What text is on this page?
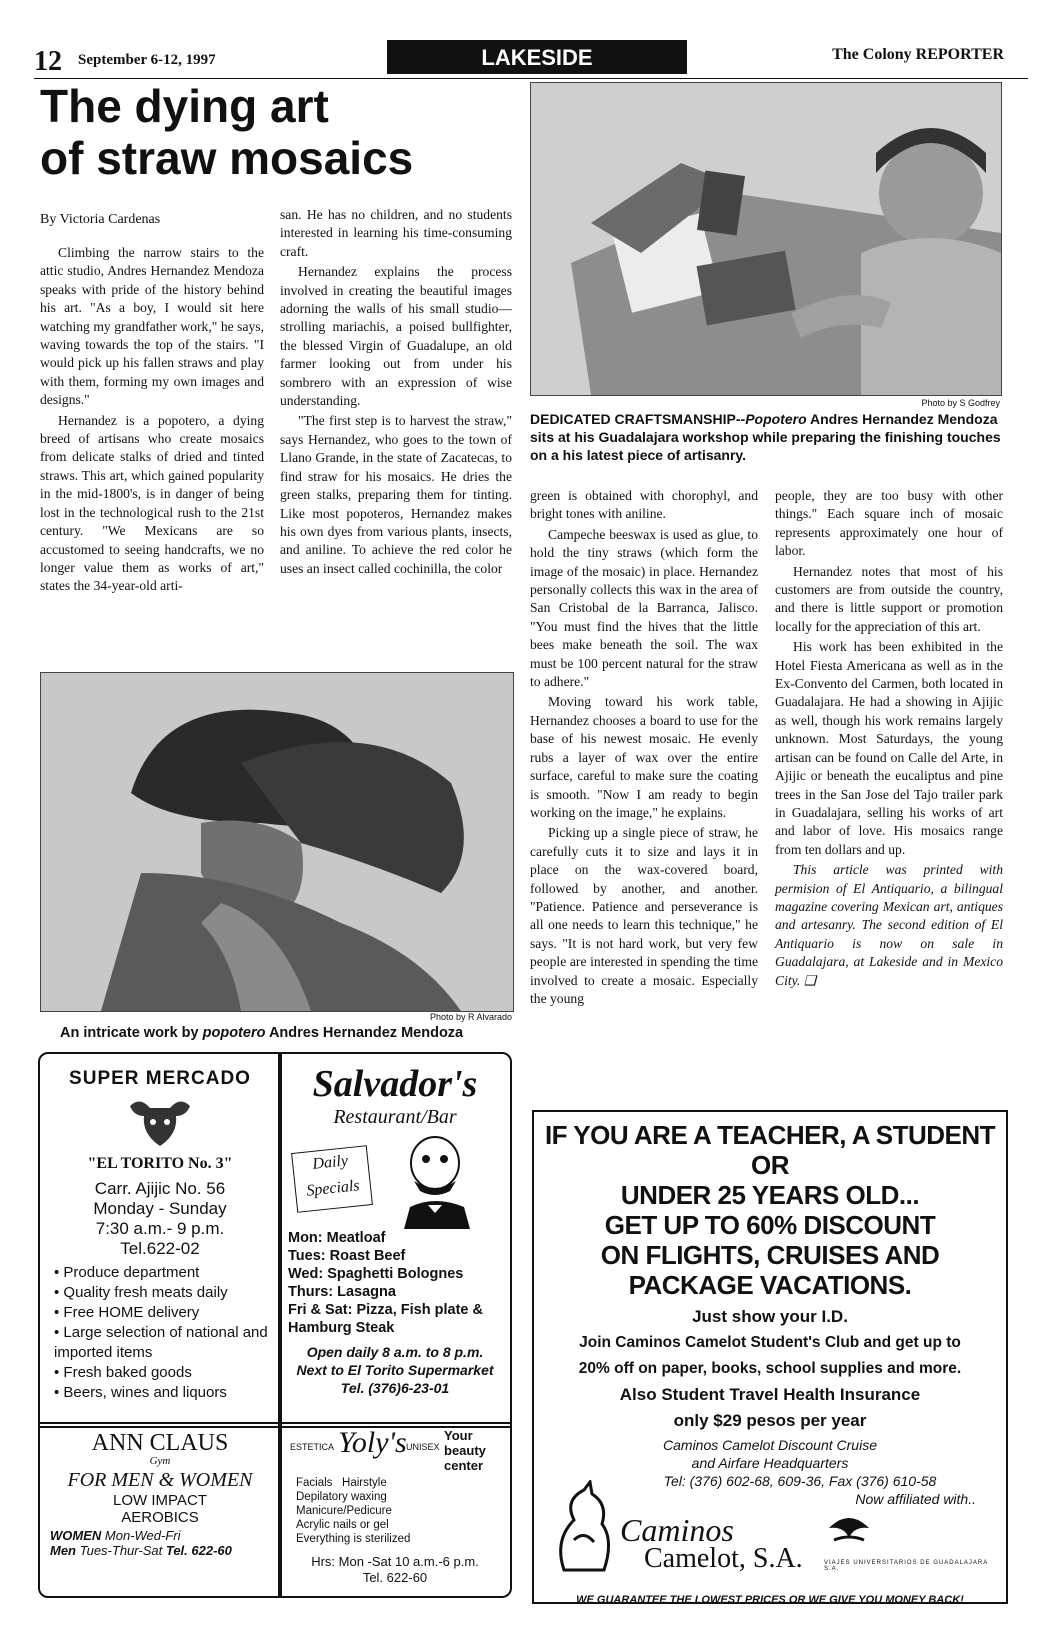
12 September 6-12, 1997	LAKESIDE	The Colony REPORTER
The dying art
of straw mosaics
By Victoria Cardenas

Climbing the narrow stairs to the attic studio, Andres Hernandez Mendoza speaks with pride of the history behind his art. "As a boy, I would sit here watching my grandfather work," he says, waving towards the top of the stairs. "I would pick up his fallen straws and play with them, forming my own images and designs."

Hernandez is a popotero, a dying breed of artisans who create mosaics from delicate stalks of dried and tinted straws. This art, which gained popularity in the mid-1800's, is in danger of being lost in the technological rush to the 21st century. "We Mexicans are so accustomed to seeing handcrafts, we no longer value them as works of art," states the 34-year-old arti-

san. He has no children, and no students interested in learning his time-consuming craft.

Hernandez explains the process involved in creating the beautiful images adorning the walls of his small studio—strolling mariachis, a poised bullfighter, the blessed Virgin of Guadalupe, an old farmer looking out from under his sombrero with an expression of wise understanding.

"The first step is to harvest the straw," says Hernandez, who goes to the town of Llano Grande, in the state of Zacatecas, to find straw for his mosaics. He dries the green stalks, preparing them for tinting. Like most popoteros, Hernandez makes his own dyes from various plants, insects, and aniline. To achieve the red color he uses an insect called cochinilla, the color

Photo by S Godfrey
DEDICATED CRAFTSMANSHIP--Popotero Andres Hernandez Mendoza sits at his Guadalajara workshop while preparing the finishing touches on a his latest piece of artisanry.

green is obtained with chorophyl, and bright tones with aniline.

Campeche beeswax is used as glue, to hold the tiny straws (which form the image of the mosaic) in place. Hernandez personally collects this wax in the area of San Cristobal de la Barranca, Jalisco. "You must find the hives that the little bees make beneath the soil. The wax must be 100 percent natural for the straw to adhere."

Moving toward his work table, Hernandez chooses a board to use for the base of his newest mosaic. He evenly rubs a layer of wax over the entire surface, careful to make sure the coating is smooth. "Now I am ready to begin working on the image," he explains.

Picking up a single piece of straw, he carefully cuts it to size and lays it in place on the wax-covered board, followed by another, and another. "Patience. Patience and perseverance is all one needs to learn this technique," he says. "It is not hard work, but very few people are interested in spending the time involved to create a mosaic. Especially the young

people, they are too busy with other things." Each square inch of mosaic represents approximately one hour of labor.

Hernandez notes that most of his customers are from outside the country, and there is little support or promotion locally for the appreciation of this art.

His work has been exhibited in the Hotel Fiesta Americana as well as in the Ex-Convento del Carmen, both located in Guadalajara. He had a showing in Ajijic as well, though his work remains largely unknown. Most Saturdays, the young artisan can be found on Calle del Arte, in Ajijic or beneath the eucaliptus and pine trees in the San Jose del Tajo trailer park in Guadalajara, selling his works of art and labor of love. His mosaics range from ten dollars and up.

This article was printed with permision of El Antiquario, a bilingual magazine covering Mexican art, antiques and artesanry. The second edition of El Antiquario is now on sale in Guadalajara, at Lakeside and in Mexico City. ❑

Photo by R Alvarado
An intricate work by popotero Andres Hernandez Mendoza
SUPER MERCADO
"EL TORITO No. 3"
Carr. Ajijic No. 56
Monday - Sunday
7:30 a.m.- 9 p.m.
Tel.622-02
• Produce department
• Quality fresh meats daily
• Free HOME delivery
• Large selection of national and imported items
• Fresh baked goods
• Beers, wines and liquors
Salvador's
Restaurant/Bar
Daily Specials
Mon: Meatloaf
Tues: Roast Beef
Wed: Spaghetti Bolognes
Thurs: Lasagna
Fri & Sat: Pizza, Fish plate & Hamburg Steak
Open daily 8 a.m. to 8 p.m.
Next to El Torito Supermarket
Tel. (376)6-23-01
ANN CLAUS
Gym
FOR MEN & WOMEN
LOW IMPACT
AEROBICS
WOMEN Mon-Wed-Fri
Men Tues-Thur-Sat Tel. 622-60
ESTETICA Yoly's UNISEX
Your beauty center
Facials Hairstyle
Depilatory waxing
Manicure/Pedicure
Acrylic nails or gel
Everything is sterilized
Hrs: Mon -Sat 10 a.m.-6 p.m.
Tel. 622-60
IF YOU ARE A TEACHER, A STUDENT OR
UNDER 25 YEARS OLD...
GET UP TO 60% DISCOUNT
ON FLIGHTS, CRUISES AND
PACKAGE VACATIONS.
Just show your I.D.
Join Caminos Camelot Student's Club and get up to
20% off on paper, books, school supplies and more.
Also Student Travel Health Insurance
only $29 pesos per year
Caminos Camelot Discount Cruise
and Airfare Headquarters
Tel: (376) 602-68, 609-36, Fax (376) 610-58
Now affiliated with..
Caminos
Camelot, S.A.	VIAJES UNIVERSITARIOS DE GUADALAJARA S.A.
WE GUARANTEE THE LOWEST PRICES OR WE GIVE YOU MONEY BACK!
